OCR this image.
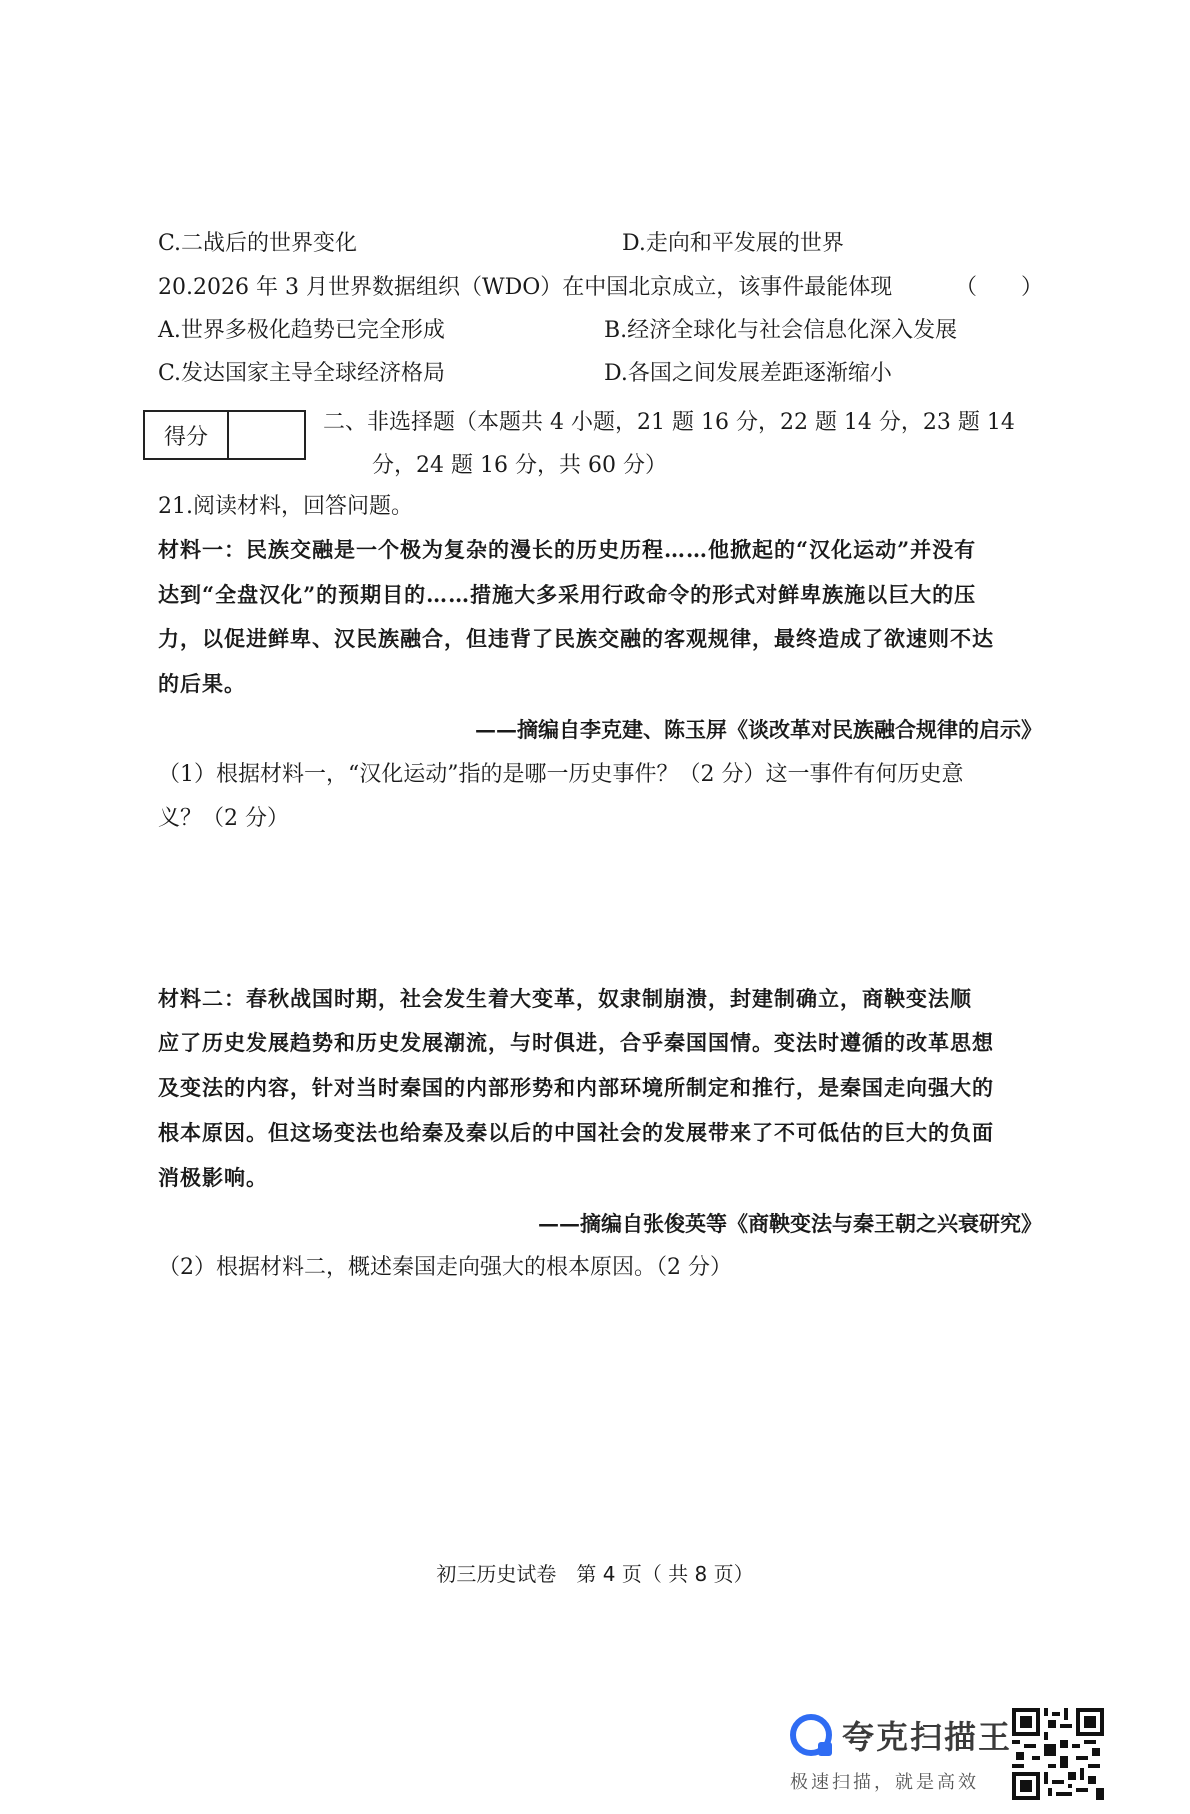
C.二战后的世界变化	D.走向和平发展的世界
20.2026 年 3 月世界数据组织（WDO）在中国北京成立，该事件最能体现	（　　）
A.世界多极化趋势已完全形成	B.经济全球化与社会信息化深入发展
C.发达国家主导全球经济格局	D.各国之间发展差距逐渐缩小
得分
二、非选择题（本题共 4 小题，21 题 16 分，22 题 14 分，23 题 14
分，24 题 16 分，共 60 分）
21.阅读材料，回答问题。
材料一：民族交融是一个极为复杂的漫长的历史历程……他掀起的“汉化运动”并没有
达到“全盘汉化”的预期目的……措施大多采用行政命令的形式对鲜卑族施以巨大的压
力，以促进鲜卑、汉民族融合，但违背了民族交融的客观规律，最终造成了欲速则不达
的后果。
——摘编自李克建、陈玉屏《谈改革对民族融合规律的启示》
（1）根据材料一，“汉化运动”指的是哪一历史事件？（2 分）这一事件有何历史意
义？（2 分）
材料二：春秋战国时期，社会发生着大变革，奴隶制崩溃，封建制确立，商鞅变法顺
应了历史发展趋势和历史发展潮流，与时俱进，合乎秦国国情。变法时遵循的改革思想
及变法的内容，针对当时秦国的内部形势和内部环境所制定和推行，是秦国走向强大的
根本原因。但这场变法也给秦及秦以后的中国社会的发展带来了不可低估的巨大的负面
消极影响。
——摘编自张俊英等《商鞅变法与秦王朝之兴衰研究》
（2）根据材料二，概述秦国走向强大的根本原因。（2 分）
初三历史试卷　第 4 页（ 共 8 页）
夸克扫描王
极速扫描，就是高效
